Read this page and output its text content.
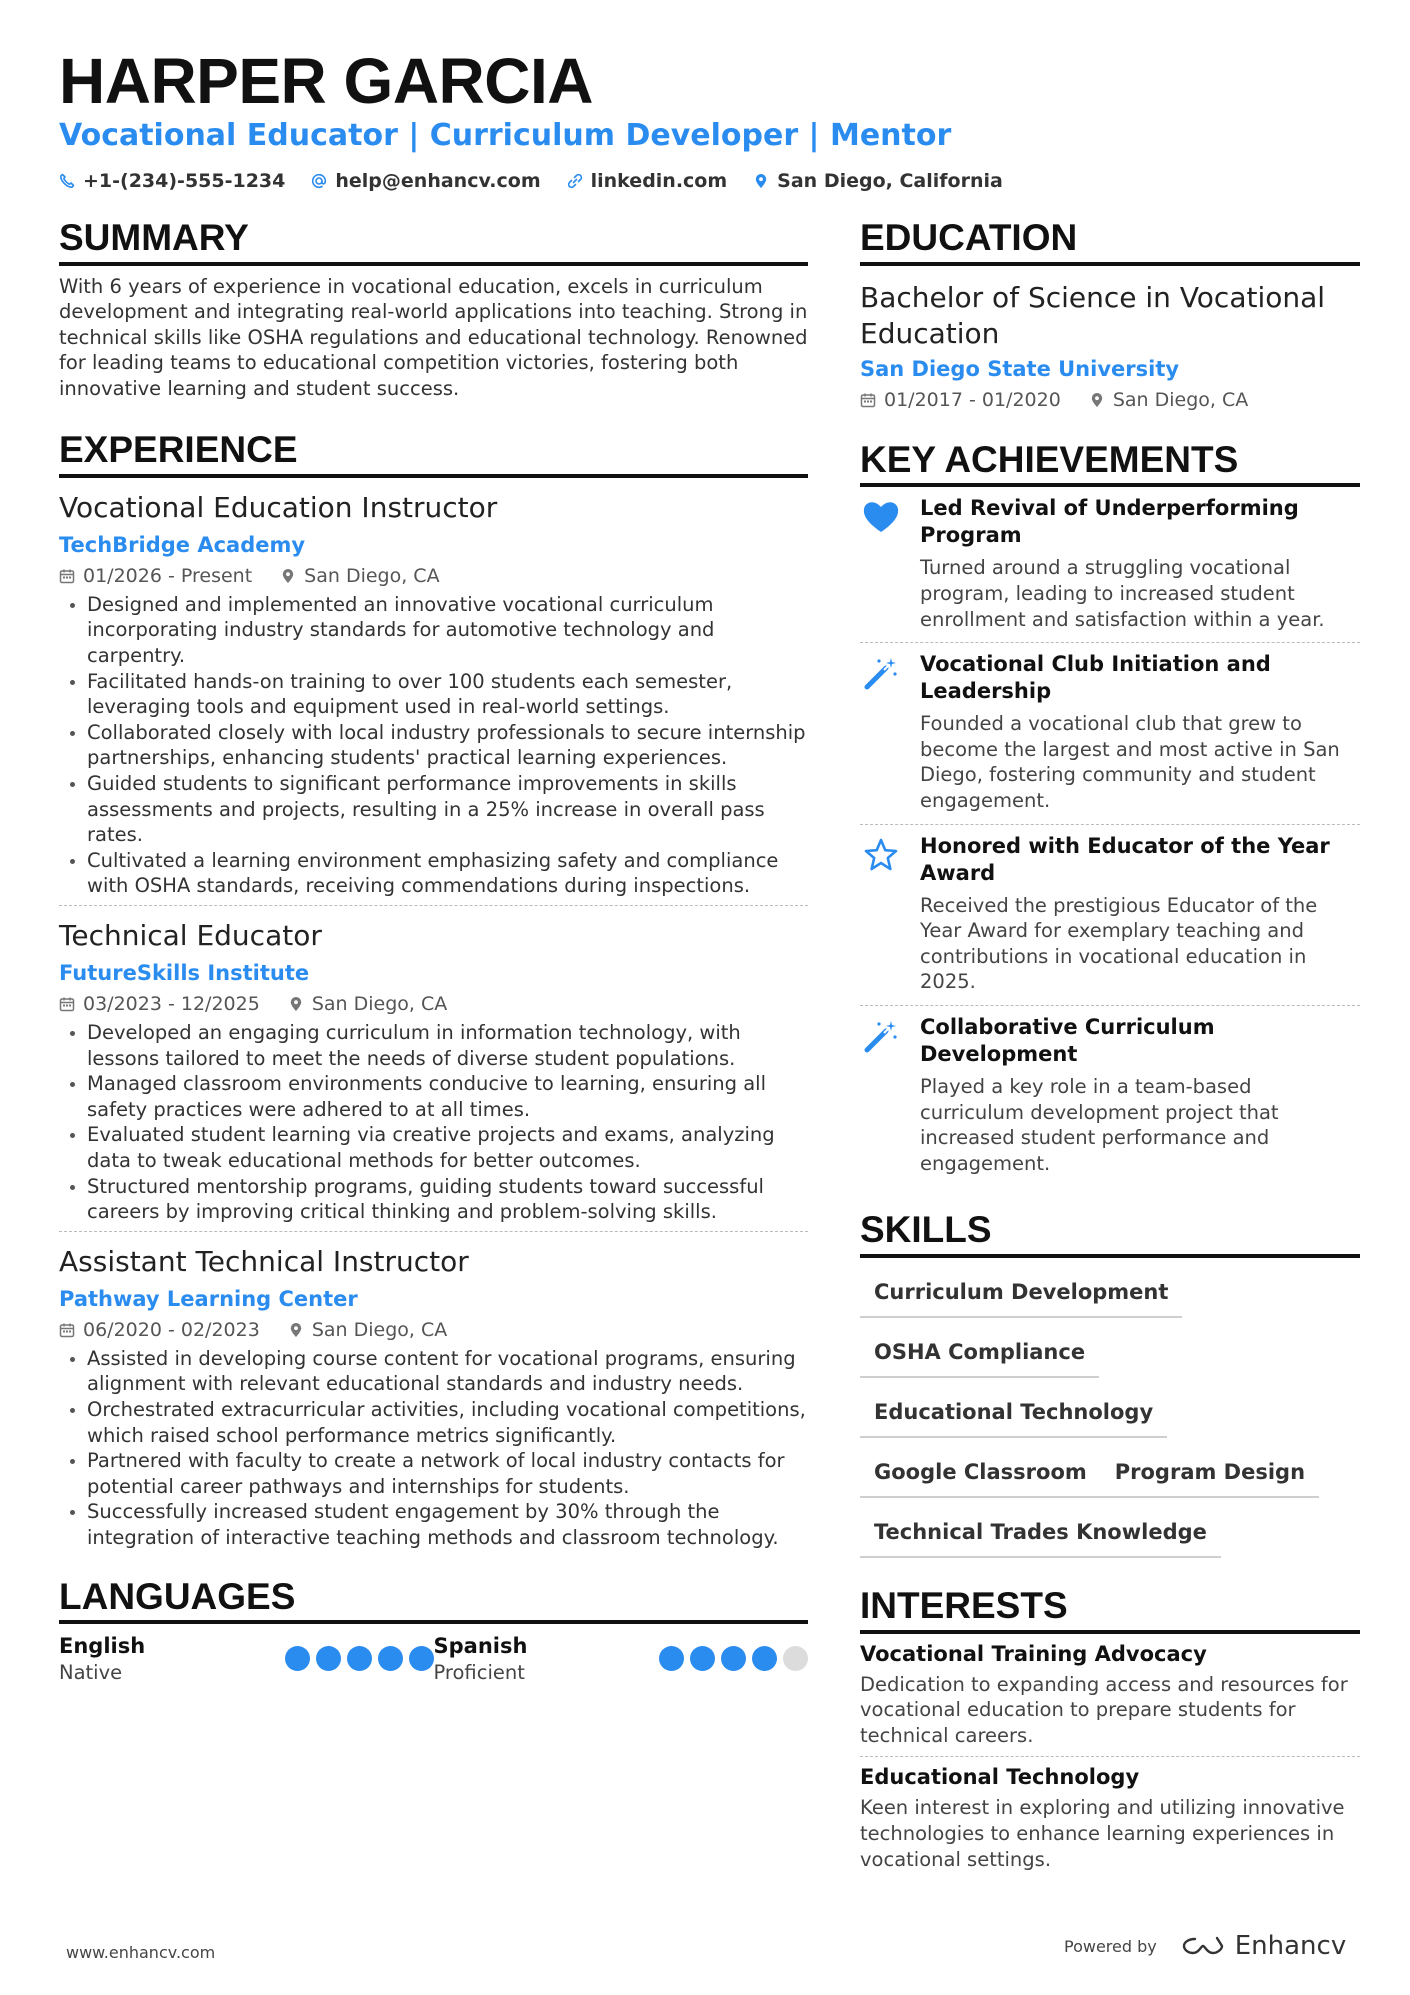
HARPER GARCIA
Vocational Educator | Curriculum Developer | Mentor
+1-(234)-555-1234	help@enhancv.com	linkedin.com	San Diego, California
SUMMARY

With 6 years of experience in vocational education, excels in curriculum development and integrating real-world applications into teaching. Strong in technical skills like OSHA regulations and educational technology. Renowned for leading teams to educational competition victories, fostering both innovative learning and student success.

EXPERIENCE
Vocational Education Instructor
TechBridge Academy
01/2026 - Present	San Diego, CA
Designed and implemented an innovative vocational curriculum incorporating industry standards for automotive technology and carpentry.
Facilitated hands-on training to over 100 students each semester, leveraging tools and equipment used in real-world settings.
Collaborated closely with local industry professionals to secure internship partnerships, enhancing students' practical learning experiences.
Guided students to significant performance improvements in skills assessments and projects, resulting in a 25% increase in overall pass rates.
Cultivated a learning environment emphasizing safety and compliance with OSHA standards, receiving commendations during inspections.
Technical Educator
FutureSkills Institute
03/2023 - 12/2025	San Diego, CA
Developed an engaging curriculum in information technology, with lessons tailored to meet the needs of diverse student populations.
Managed classroom environments conducive to learning, ensuring all safety practices were adhered to at all times.
Evaluated student learning via creative projects and exams, analyzing data to tweak educational methods for better outcomes.
Structured mentorship programs, guiding students toward successful careers by improving critical thinking and problem-solving skills.
Assistant Technical Instructor
Pathway Learning Center
06/2020 - 02/2023	San Diego, CA
Assisted in developing course content for vocational programs, ensuring alignment with relevant educational standards and industry needs.
Orchestrated extracurricular activities, including vocational competitions, which raised school performance metrics significantly.
Partnered with faculty to create a network of local industry contacts for potential career pathways and internships for students.
Successfully increased student engagement by 30% through the integration of interactive teaching methods and classroom technology.
LANGUAGES
English
Native
Spanish
Proficient
EDUCATION
Bachelor of Science in Vocational Education
San Diego State University
01/2017 - 01/2020	San Diego, CA
KEY ACHIEVEMENTS
Led Revival of Underperforming Program
Turned around a struggling vocational program, leading to increased student enrollment and satisfaction within a year.
Vocational Club Initiation and Leadership
Founded a vocational club that grew to become the largest and most active in San Diego, fostering community and student engagement.
Honored with Educator of the Year Award
Received the prestigious Educator of the Year Award for exemplary teaching and contributions in vocational education in 2025.
Collaborative Curriculum Development
Played a key role in a team-based curriculum development project that increased student performance and engagement.
SKILLS
Curriculum Development
OSHA Compliance
Educational Technology
Google Classroom	Program Design
Technical Trades Knowledge
INTERESTS
Vocational Training Advocacy
Dedication to expanding access and resources for vocational education to prepare students for technical careers.
Educational Technology
Keen interest in exploring and utilizing innovative technologies to enhance learning experiences in vocational settings.
www.enhancv.com	Powered by	Enhancv
